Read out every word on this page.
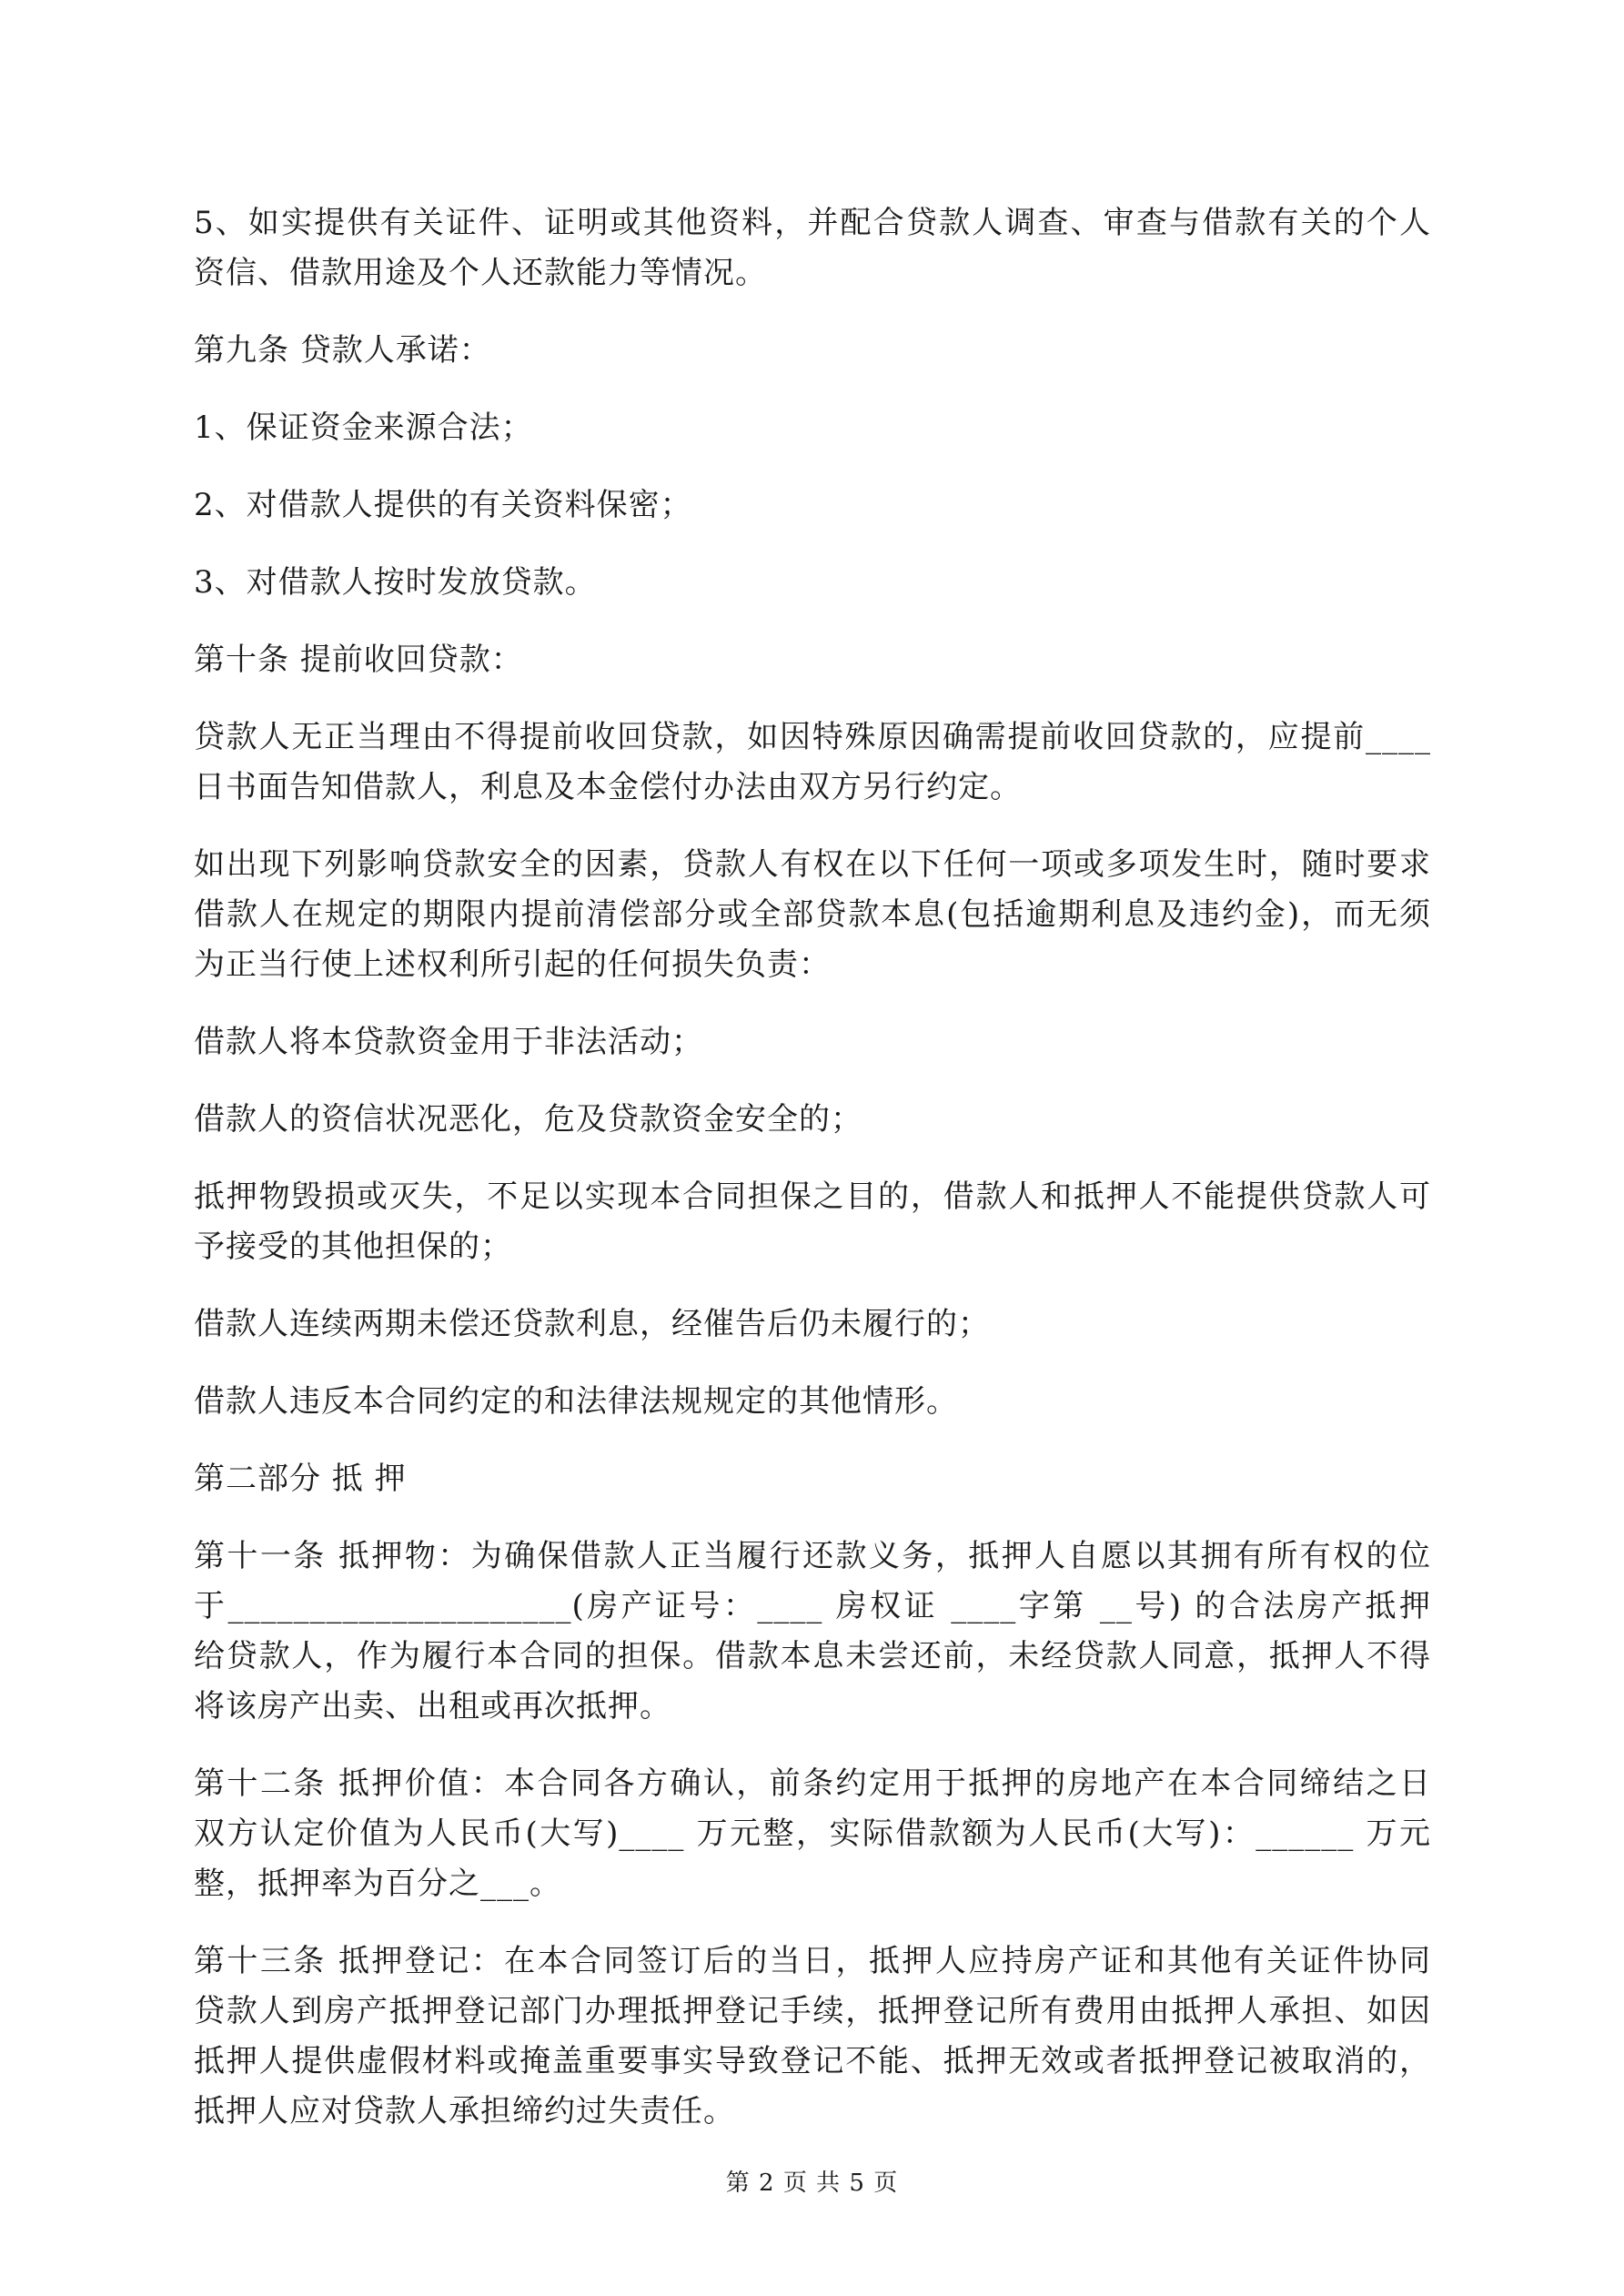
5、如实提供有关证件、证明或其他资料，并配合贷款人调查、审查与借款有关的个人
资信、借款用途及个人还款能力等情况。
第九条 贷款人承诺：
1、保证资金来源合法；
2、对借款人提供的有关资料保密；
3、对借款人按时发放贷款。
第十条 提前收回贷款：
贷款人无正当理由不得提前收回贷款，如因特殊原因确需提前收回贷款的，应提前____
日书面告知借款人，利息及本金偿付办法由双方另行约定。
如出现下列影响贷款安全的因素，贷款人有权在以下任何一项或多项发生时，随时要求
借款人在规定的期限内提前清偿部分或全部贷款本息(包括逾期利息及违约金)，而无须
为正当行使上述权利所引起的任何损失负责：
借款人将本贷款资金用于非法活动；
借款人的资信状况恶化，危及贷款资金安全的；
抵押物毁损或灭失，不足以实现本合同担保之目的，借款人和抵押人不能提供贷款人可
予接受的其他担保的；
借款人连续两期未偿还贷款利息，经催告后仍未履行的；
借款人违反本合同约定的和法律法规规定的其他情形。
第二部分 抵 押
第十一条 抵押物：为确保借款人正当履行还款义务，抵押人自愿以其拥有所有权的位
于_____________________(房产证号：____ 房权证 ____字第 __号) 的合法房产抵押
给贷款人，作为履行本合同的担保。借款本息未尝还前，未经贷款人同意，抵押人不得
将该房产出卖、出租或再次抵押。
第十二条 抵押价值：本合同各方确认，前条约定用于抵押的房地产在本合同缔结之日
双方认定价值为人民币(大写)____ 万元整，实际借款额为人民币(大写)：______ 万元
整，抵押率为百分之___。
第十三条 抵押登记：在本合同签订后的当日，抵押人应持房产证和其他有关证件协同
贷款人到房产抵押登记部门办理抵押登记手续，抵押登记所有费用由抵押人承担、如因
抵押人提供虚假材料或掩盖重要事实导致登记不能、抵押无效或者抵押登记被取消的，
抵押人应对贷款人承担缔约过失责任。
第 2 页 共 5 页
